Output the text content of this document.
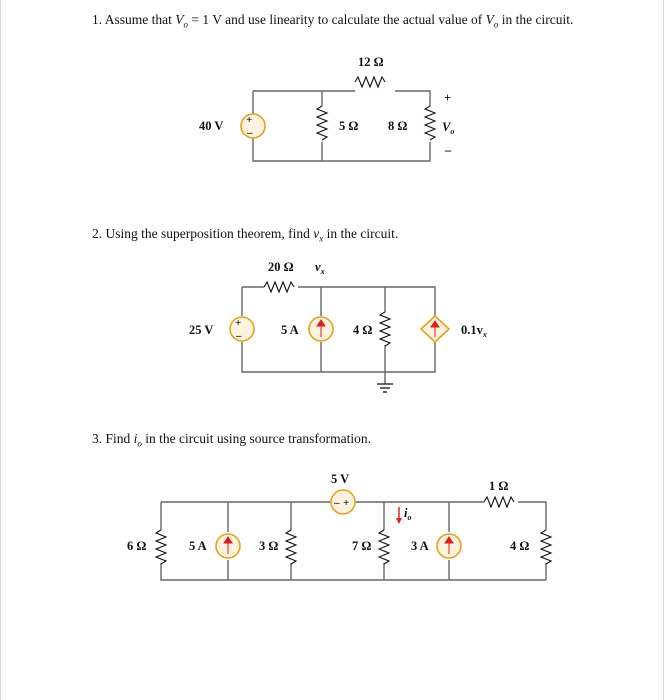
1. Assume that $V_o = 1$ V and use linearity to calculate the actual value of $V_o$ in the circuit.
2. Using the superposition theorem, find $v_x$ in the circuit.
3. Find $i_o$ in the circuit using source transformation.
+
–
40 V
12 Ω
5 Ω 8 Ω
+
$V_o$
–
20 Ω $v_x$
+
–
25 V	5 A	4 Ω	$0.1v_x$
– +
5 V
6 Ω	5 A	3 Ω	7 Ω
$i_o$
3 A
1 Ω
4 Ω
